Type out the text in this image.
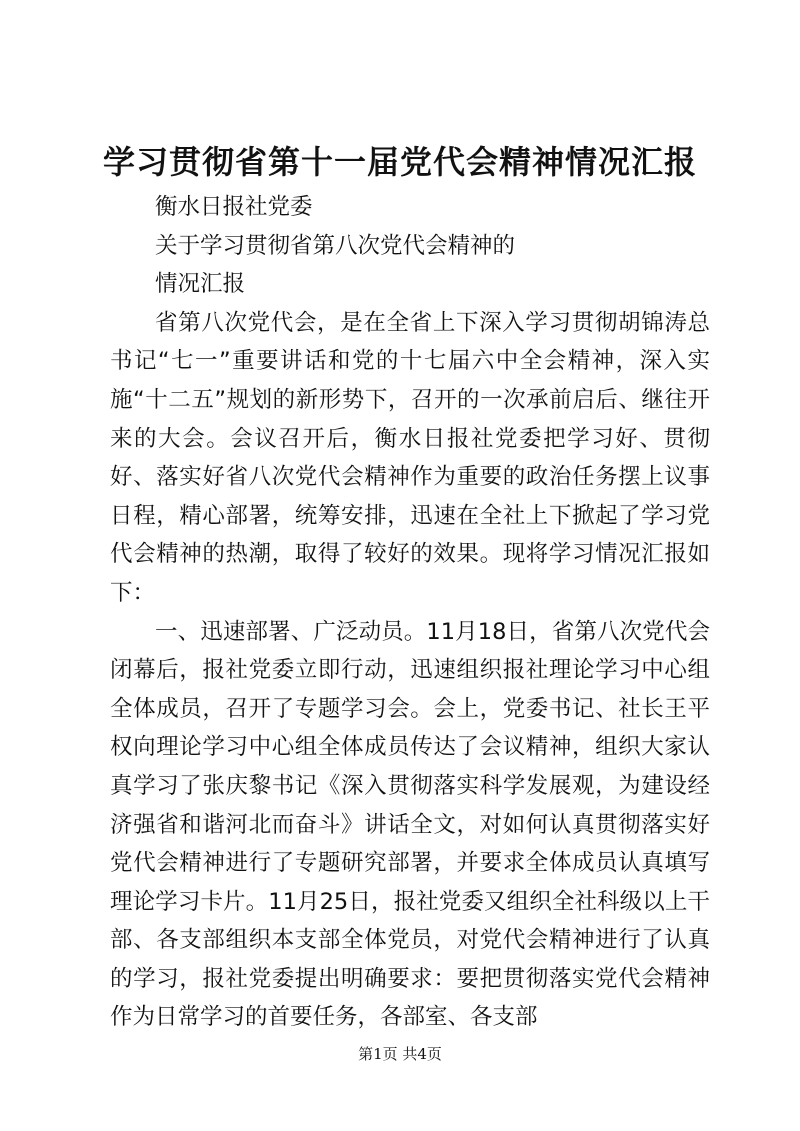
学习贯彻省第十一届党代会精神情况汇报

衡水日报社党委

关于学习贯彻省第八次党代会精神的

情况汇报

省第八次党代会，是在全省上下深入学习贯彻胡锦涛总书记“七一”重要讲话和党的十七届六中全会精神，深入实施“十二五”规划的新形势下，召开的一次承前启后、继往开来的大会。会议召开后，衡水日报社党委把学习好、贯彻好、落实好省八次党代会精神作为重要的政治任务摆上议事日程，精心部署，统筹安排，迅速在全社上下掀起了学习党代会精神的热潮，取得了较好的效果。现将学习情况汇报如下：

一、迅速部署、广泛动员。11月18日，省第八次党代会闭幕后，报社党委立即行动，迅速组织报社理论学习中心组全体成员，召开了专题学习会。会上，党委书记、社长王平权向理论学习中心组全体成员传达了会议精神，组织大家认真学习了张庆黎书记《深入贯彻落实科学发展观，为建设经济强省和谐河北而奋斗》讲话全文，对如何认真贯彻落实好党代会精神进行了专题研究部署，并要求全体成员认真填写理论学习卡片。11月25日，报社党委又组织全社科级以上干部、各支部组织本支部全体党员，对党代会精神进行了认真的学习，报社党委提出明确要求：要把贯彻落实党代会精神作为日常学习的首要任务，各部室、各支部

第1页 共4页
